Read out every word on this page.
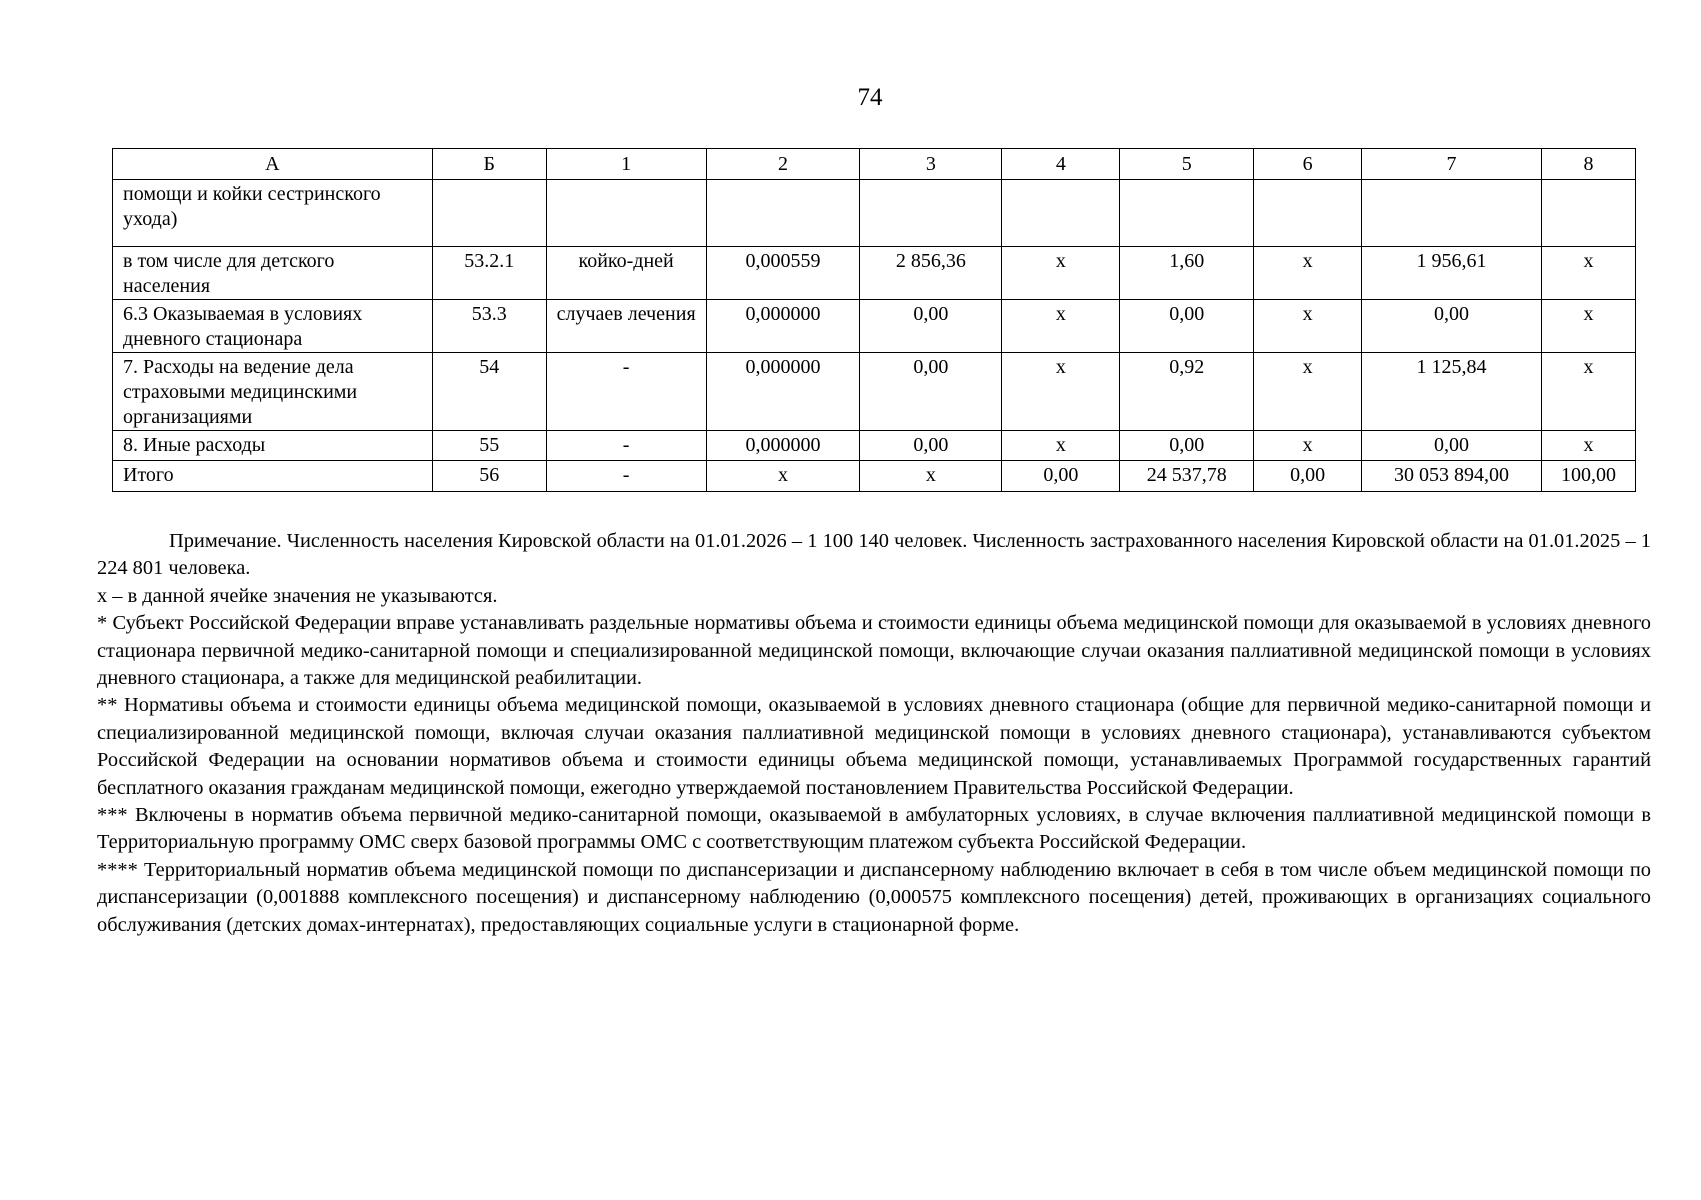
74
А	Б	1	2	3	4	5	6	7	8
помощи и койки сестринского ухода)									
в том числе для детского населения	53.2.1	койко-дней	0,000559	2 856,36	х	1,60	х	1 956,61	х
6.3 Оказываемая в условиях дневного стационара	53.3	случаев лечения	0,000000	0,00	х	0,00	х	0,00	х
7. Расходы на ведение дела страховыми медицинскими организациями	54	-	0,000000	0,00	х	0,92	х	1 125,84	х
8. Иные расходы	55	-	0,000000	0,00	х	0,00	х	0,00	х
Итого	56	-	х	х	0,00	24 537,78	0,00	30 053 894,00	100,00

Примечание. Численность населения Кировской области на 01.01.2026 – 1 100 140 человек. Численность застрахованного населения Кировской области на 01.01.2025 – 1 224 801 человека.

х – в данной ячейке значения не указываются.

* Субъект Российской Федерации вправе устанавливать раздельные нормативы объема и стоимости единицы объема медицинской помощи для оказываемой в условиях дневного стационара первичной медико-санитарной помощи и специализированной медицинской помощи, включающие случаи оказания паллиативной медицинской помощи в условиях дневного стационара, а также для медицинской реабилитации.

** Нормативы объема и стоимости единицы объема медицинской помощи, оказываемой в условиях дневного стационара (общие для первичной медико-санитарной помощи и специализированной медицинской помощи, включая случаи оказания паллиативной медицинской помощи в условиях дневного стационара), устанавливаются субъектом Российской Федерации на основании нормативов объема и стоимости единицы объема медицинской помощи, устанавливаемых Программой государственных гарантий бесплатного оказания гражданам медицинской помощи, ежегодно утверждаемой постановлением Правительства Российской Федерации.

*** Включены в норматив объема первичной медико-санитарной помощи, оказываемой в амбулаторных условиях, в случае включения паллиативной медицинской помощи в Территориальную программу ОМС сверх базовой программы ОМС с соответствующим платежом субъекта Российской Федерации.

**** Территориальный норматив объема медицинской помощи по диспансеризации и диспансерному наблюдению включает в себя в том числе объем медицинской помощи по диспансеризации (0,001888 комплексного посещения) и диспансерному наблюдению (0,000575 комплексного посещения) детей, проживающих в организациях социального обслуживания (детских домах-интернатах), предоставляющих социальные услуги в стационарной форме.
